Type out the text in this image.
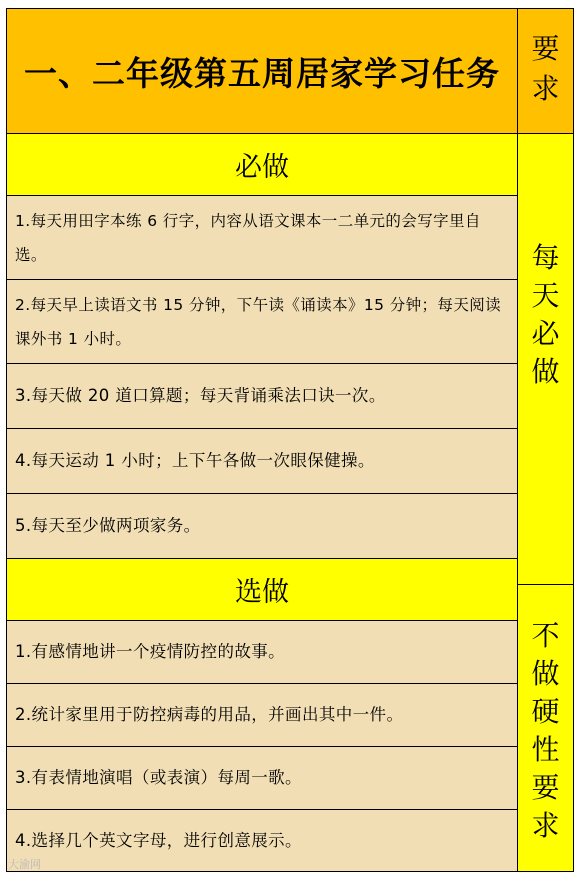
一、二年级第五周居家学习任务
要
求
必做
1.每天用田字本练 6 行字，内容从语文课本一二单元的会写字里自选。
2.每天早上读语文书 15 分钟，下午读《诵读本》15 分钟；每天阅读课外书 1 小时。
3.每天做 20 道口算题；每天背诵乘法口诀一次。
4.每天运动 1 小时；上下午各做一次眼保健操。
5.每天至少做两项家务。
每
天
必
做
选做
1.有感情地讲一个疫情防控的故事。
2.统计家里用于防控病毒的用品，并画出其中一件。
3.有表情地演唱（或表演）每周一歌。
4.选择几个英文字母，进行创意展示。
不
做
硬
性
要
求
大渝网
